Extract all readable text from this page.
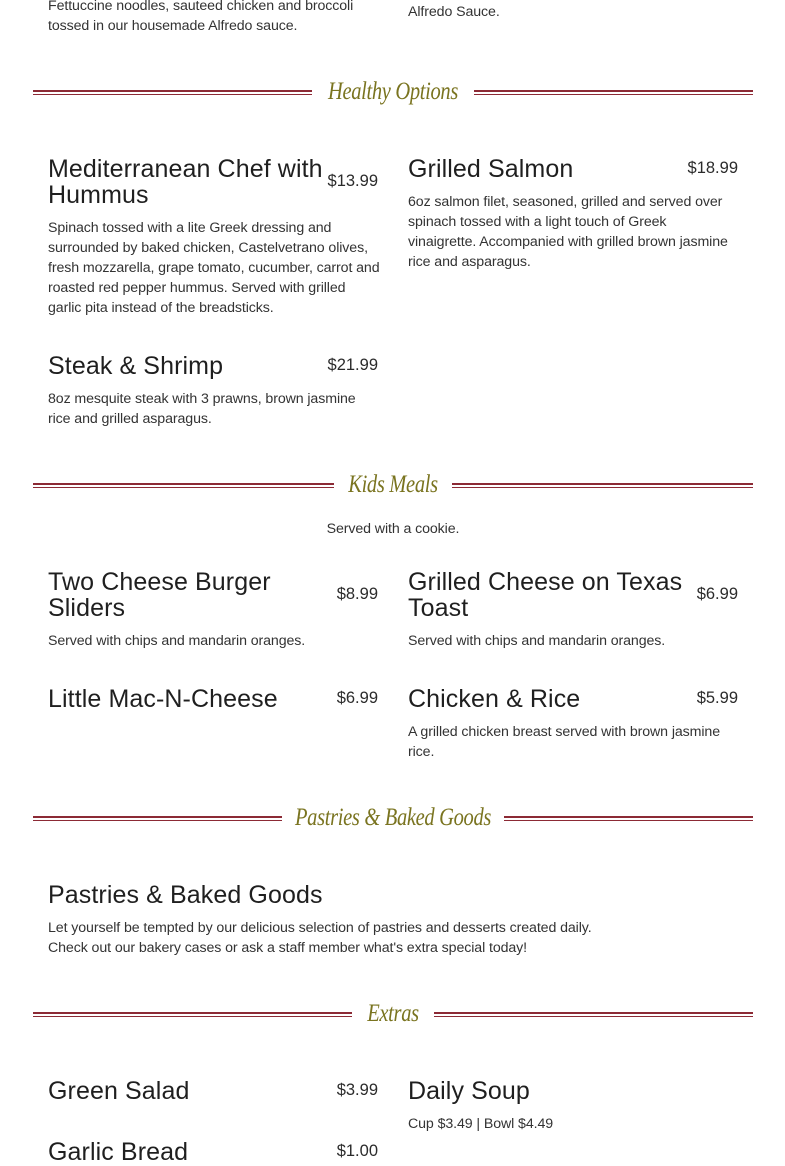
Fettuccine noodles, sauteed chicken and broccoli tossed in our housemade Alfredo sauce.
Alfredo Sauce.
Healthy Options
Mediterranean Chef with Hummus	$13.99
Spinach tossed with a lite Greek dressing and surrounded by baked chicken, Castelvetrano olives, fresh mozzarella, grape tomato, cucumber, carrot and roasted red pepper hummus. Served with grilled garlic pita instead of the breadsticks.
Grilled Salmon	$18.99
6oz salmon filet, seasoned, grilled and served over spinach tossed with a light touch of Greek vinaigrette. Accompanied with grilled brown jasmine rice and asparagus.
Steak & Shrimp	$21.99
8oz mesquite steak with 3 prawns, brown jasmine rice and grilled asparagus.
Kids Meals
Served with a cookie.
Two Cheese Burger Sliders	$8.99
Served with chips and mandarin oranges.
Grilled Cheese on Texas Toast	$6.99
Served with chips and mandarin oranges.
Little Mac-N-Cheese	$6.99 Chicken & Rice	$5.99
A grilled chicken breast served with brown jasmine rice.
Pastries & Baked Goods
Pastries & Baked Goods
Let yourself be tempted by our delicious selection of pastries and desserts created daily. Check out our bakery cases or ask a staff member what's extra special today!
Extras
Green Salad	$3.99 Daily Soup
Cup $3.49 | Bowl $4.49
Garlic Bread	$1.00
